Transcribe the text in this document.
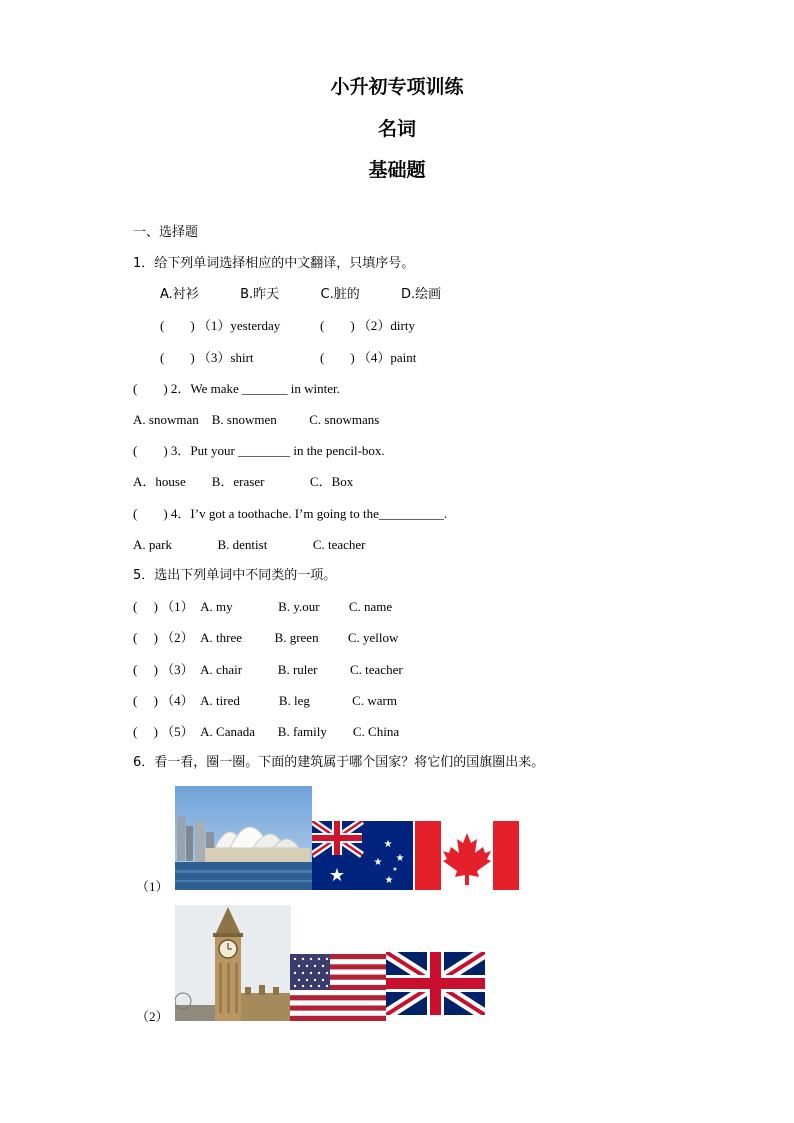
小升初专项训练
名词
基础题
一、选择题
1．给下列单词选择相应的中文翻译，只填序号。
A.衬衫          B.昨天          C.脏的          D.绘画
(        ) （1）yesterday	(        ) （2）dirty
(        ) （3）shirt	(        ) （4）paint
(        ) 2．We make _______ in winter.
A. snowman    B. snowmen          C. snowmans
(        ) 3．Put your ________ in the pencil-box.
A．house        B．eraser              C．Box
(        ) 4．I’v got a toothache. I’m going to the__________.
A. park              B. dentist              C. teacher
5．选出下列单词中不同类的一项。
(     ) （1）  A. my              B. y.our         C. name
(     ) （2）  A. three          B. green         C. yellow
(     ) （3）  A. chair           B. ruler          C. teacher
(     ) （4）  A. tired            B. leg             C. warm
(     ) （5）  A. Canada       B. family        C. China
6．看一看，圈一圈。下面的建筑属于哪个国家？将它们的国旗圈出来。
★
★
★
★
★
★
（1）
（2）
